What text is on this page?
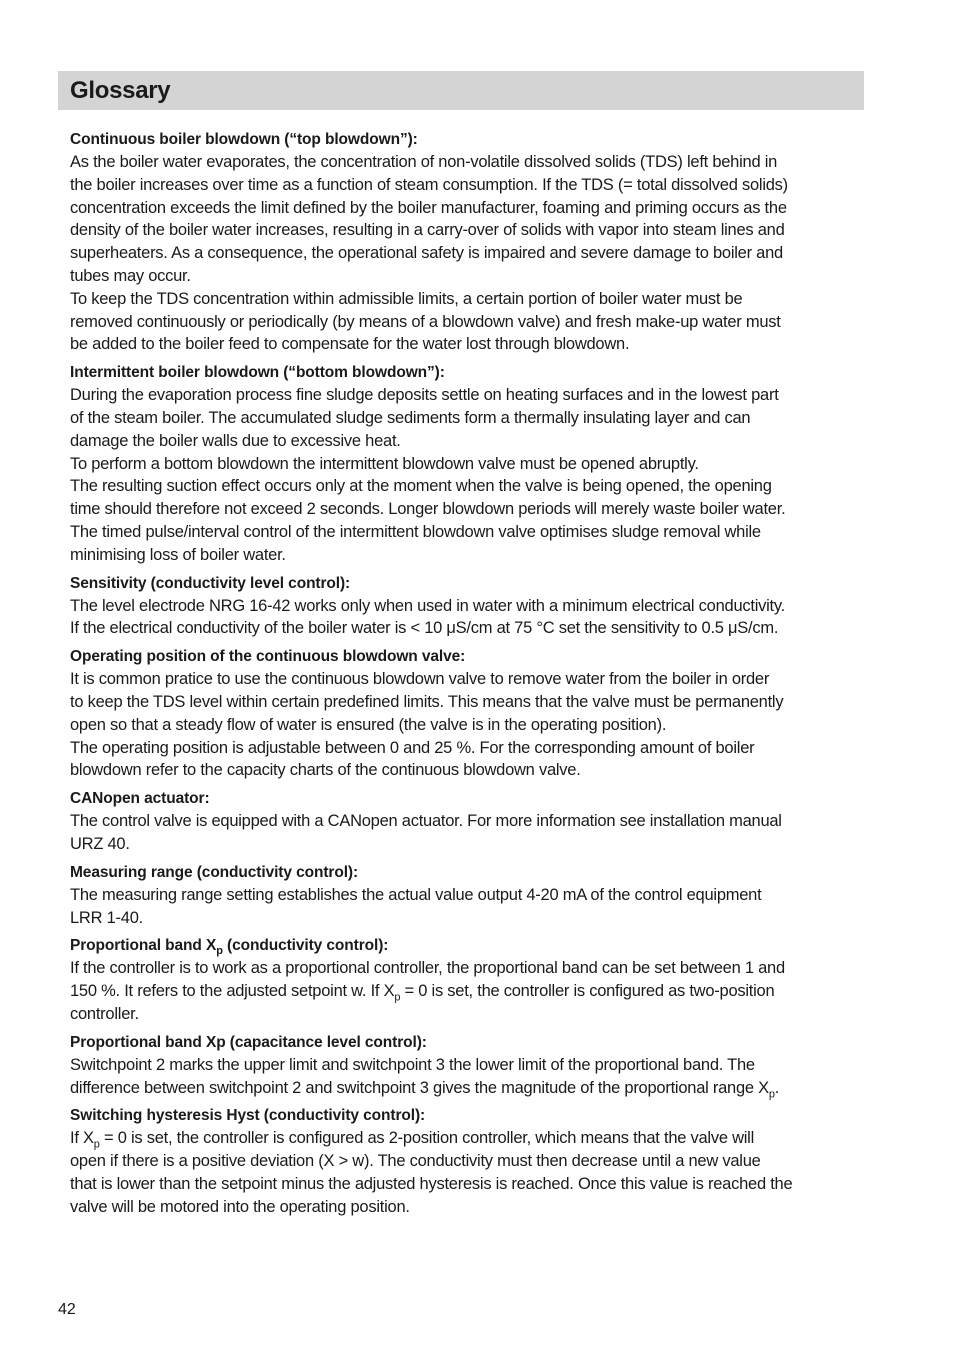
Glossary
Continuous boiler blowdown (“top blowdown”):
As the boiler water evaporates, the concentration of non-volatile dissolved solids (TDS) left behind in
the boiler increases over time as a function of steam consumption. If the TDS (= total dissolved solids)
concentration exceeds the limit defined by the boiler manufacturer, foaming and priming occurs as the
density of the boiler water increases, resulting in a carry-over of solids with vapor into steam lines and
superheaters. As a consequence, the operational safety is impaired and severe damage to boiler and
tubes may occur.
To keep the TDS concentration within admissible limits, a certain portion of boiler water must be
removed continuously or periodically (by means of a blowdown valve) and fresh make-up water must
be added to the boiler feed to compensate for the water lost through blowdown.
Intermittent boiler blowdown (“bottom blowdown”):
During the evaporation process fine sludge deposits settle on heating surfaces and in the lowest part
of the steam boiler. The accumulated sludge sediments form a thermally insulating layer and can
damage the boiler walls due to excessive heat.
To perform a bottom blowdown the intermittent blowdown valve must be opened abruptly.
The resulting suction effect occurs only at the moment when the valve is being opened, the opening
time should therefore not exceed 2 seconds. Longer blowdown periods will merely waste boiler water.
The timed pulse/interval control of the intermittent blowdown valve optimises sludge removal while
minimising loss of boiler water.
Sensitivity (conductivity level control):
The level electrode NRG 16-42 works only when used in water with a minimum electrical conductivity.
If the electrical conductivity of the boiler water is < 10 μS/cm at 75 °C set the sensitivity to 0.5 μS/cm.
Operating position of the continuous blowdown valve:
It is common pratice to use the continuous blowdown valve to remove water from the boiler in order
to keep the TDS level within certain predefined limits. This means that the valve must be permanently
open so that a steady flow of water is ensured (the valve is in the operating position).
The operating position is adjustable between 0 and 25 %. For the corresponding amount of boiler
blowdown refer to the capacity charts of the continuous blowdown valve.
CANopen actuator:
The control valve is equipped with a CANopen actuator. For more information see installation manual
URZ 40.
Measuring range (conductivity control):
The measuring range setting establishes the actual value output 4-20 mA of the control equipment
LRR 1-40.
Proportional band $X_p$ (conductivity control):
If the controller is to work as a proportional controller, the proportional band can be set between 1 and
150 %. It refers to the adjusted setpoint w. If $X_p = 0$ is set, the controller is configured as two-position
controller.
Proportional band Xp (capacitance level control):
Switchpoint 2 marks the upper limit and switchpoint 3 the lower limit of the proportional band. The
difference between switchpoint 2 and switchpoint 3 gives the magnitude of the proportional range $X_p$.
Switching hysteresis Hyst (conductivity control):
If $X_p = 0$ is set, the controller is configured as 2-position controller, which means that the valve will
open if there is a positive deviation (X > w). The conductivity must then decrease until a new value
that is lower than the setpoint minus the adjusted hysteresis is reached. Once this value is reached the
valve will be motored into the operating position.
42
